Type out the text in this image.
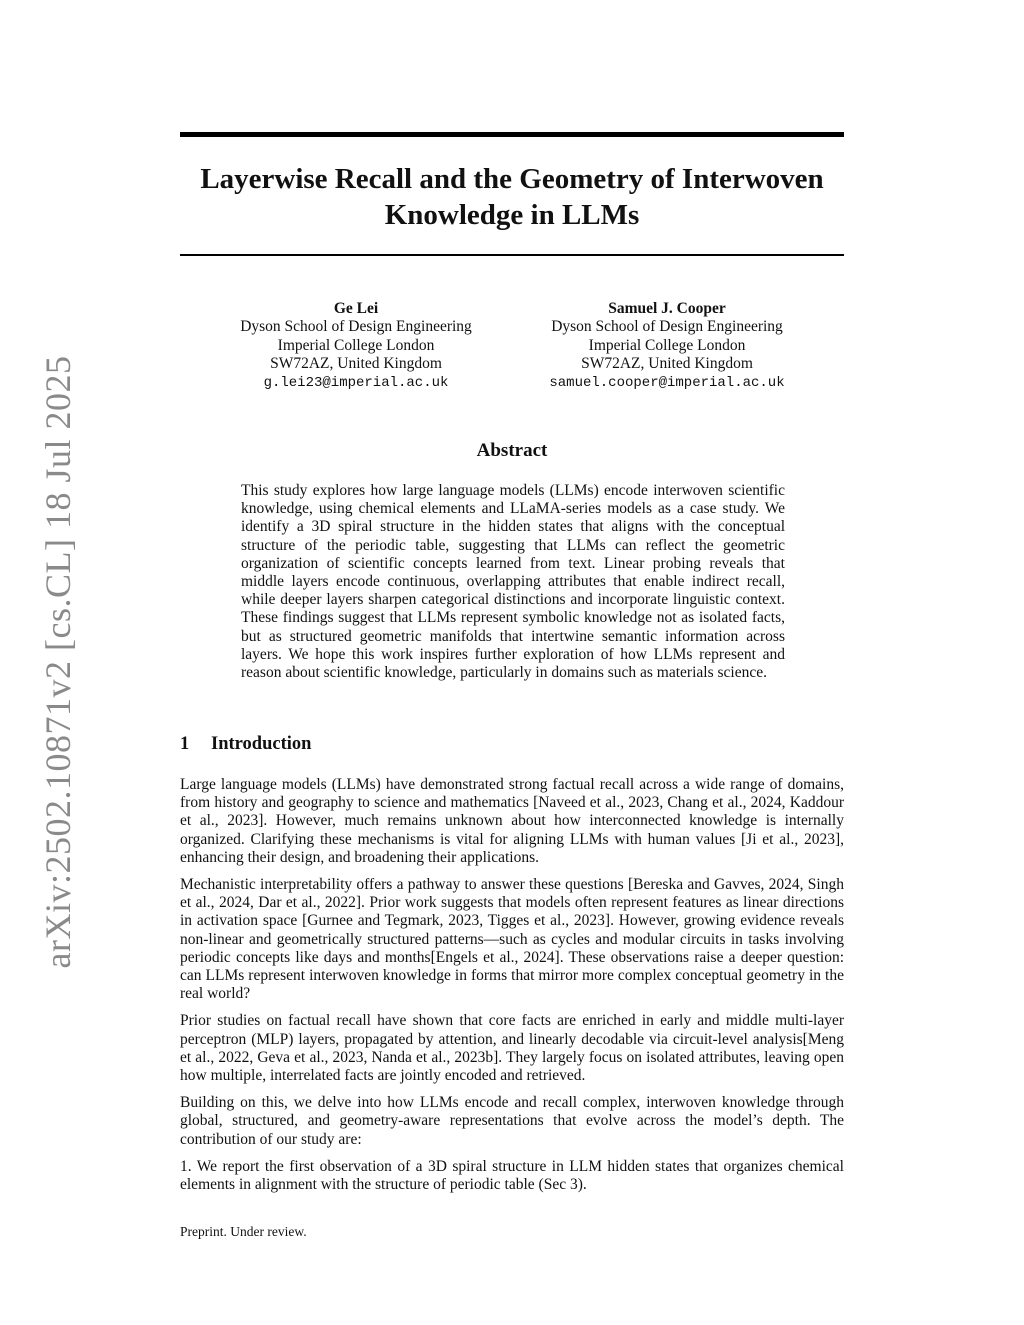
arXiv:2502.10871v2 [cs.CL] 18 Jul 2025
Layerwise Recall and the Geometry of Interwoven Knowledge in LLMs
Ge Lei
Dyson School of Design Engineering
Imperial College London
SW72AZ, United Kingdom
g.lei23@imperial.ac.uk
Samuel J. Cooper
Dyson School of Design Engineering
Imperial College London
SW72AZ, United Kingdom
samuel.cooper@imperial.ac.uk
Abstract

This study explores how large language models (LLMs) encode interwoven scientific knowledge, using chemical elements and LLaMA-series models as a case study. We identify a 3D spiral structure in the hidden states that aligns with the conceptual structure of the periodic table, suggesting that LLMs can reflect the geometric organization of scientific concepts learned from text. Linear probing reveals that middle layers encode continuous, overlapping attributes that enable indirect recall, while deeper layers sharpen categorical distinctions and incorporate linguistic context. These findings suggest that LLMs represent symbolic knowledge not as isolated facts, but as structured geometric manifolds that intertwine semantic information across layers. We hope this work inspires further exploration of how LLMs represent and reason about scientific knowledge, particularly in domains such as materials science.

1 Introduction

Large language models (LLMs) have demonstrated strong factual recall across a wide range of domains, from history and geography to science and mathematics [Naveed et al., 2023, Chang et al., 2024, Kaddour et al., 2023]. However, much remains unknown about how interconnected knowledge is internally organized. Clarifying these mechanisms is vital for aligning LLMs with human values [Ji et al., 2023], enhancing their design, and broadening their applications.

Mechanistic interpretability offers a pathway to answer these questions [Bereska and Gavves, 2024, Singh et al., 2024, Dar et al., 2022]. Prior work suggests that models often represent features as linear directions in activation space [Gurnee and Tegmark, 2023, Tigges et al., 2023]. However, growing evidence reveals non-linear and geometrically structured patterns—such as cycles and modular circuits in tasks involving periodic concepts like days and months[Engels et al., 2024]. These observations raise a deeper question: can LLMs represent interwoven knowledge in forms that mirror more complex conceptual geometry in the real world?

Prior studies on factual recall have shown that core facts are enriched in early and middle multi-layer perceptron (MLP) layers, propagated by attention, and linearly decodable via circuit-level analysis[Meng et al., 2022, Geva et al., 2023, Nanda et al., 2023b]. They largely focus on isolated attributes, leaving open how multiple, interrelated facts are jointly encoded and retrieved.

Building on this, we delve into how LLMs encode and recall complex, interwoven knowledge through global, structured, and geometry-aware representations that evolve across the model’s depth. The contribution of our study are:

1. We report the first observation of a 3D spiral structure in LLM hidden states that organizes chemical elements in alignment with the structure of periodic table (Sec 3).

Preprint. Under review.
